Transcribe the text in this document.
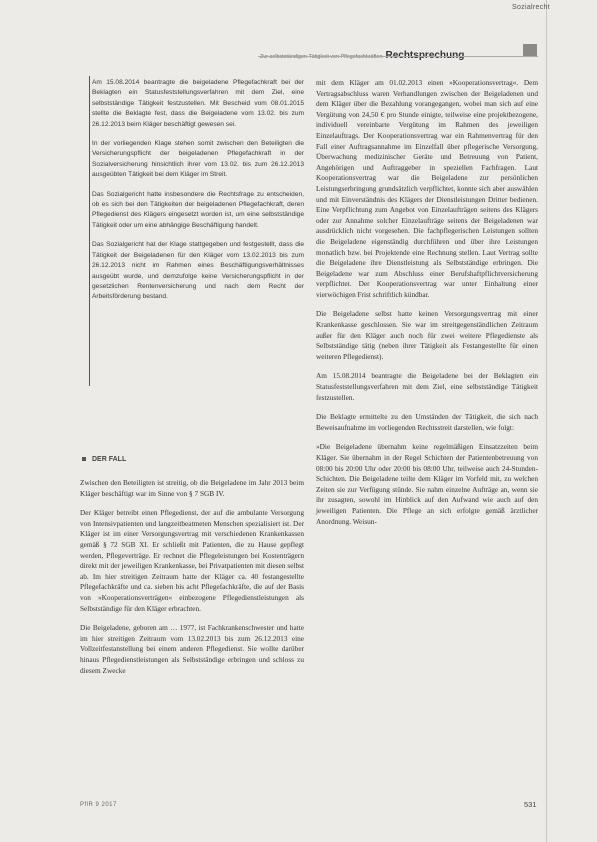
Sozialrecht
Zur selbstständigen Tätigkeit von Pflegefachkräften Rechtsprechung

Am 15.08.2014 beantragte die beigeladene Pflegefachkraft bei der Beklagten ein Statusfeststellungsverfahren mit dem Ziel, eine selbstständige Tätigkeit festzustellen. Mit Bescheid vom 08.01.2015 stellte die Beklagte fest, dass die Beigeladene vom 13.02. bis zum 26.12.2013 beim Kläger beschäftigt gewesen sei.

In der vorliegenden Klage stehen somit zwischen den Beteiligten die Versicherungspflicht der beigeladenen Pflegefachkraft in der Sozialversicherung hinsichtlich ihrer vom 13.02. bis zum 26.12.2013 ausgeübten Tätigkeit bei dem Kläger im Streit.

Das Sozialgericht hatte insbesondere die Rechtsfrage zu entscheiden, ob es sich bei den Tätigkeiten der beigeladenen Pflegefachkraft, deren Pflegedienst des Klägers eingesetzt worden ist, um eine selbstständige Tätigkeit oder um eine abhängige Beschäftigung handelt.

Das Sozialgericht hat der Klage stattgegeben und festgestellt, dass die Tätigkeit der Beigeladenen für den Kläger vom 13.02.2013 bis zum 26.12.2013 nicht im Rahmen eines Beschäftigungsverhältnisses ausgeübt wurde, und demzufolge keine Versicherungspflicht in der gesetzlichen Rentenversicherung und nach dem Recht der Arbeitsförderung bestand.

DER FALL

Zwischen den Beteiligten ist streitig, ob die Beigeladene im Jahr 2013 beim Kläger beschäftigt war im Sinne von § 7 SGB IV.

Der Kläger betreibt einen Pflegedienst, der auf die ambulante Versorgung von Intensivpatienten und langzeitbeatmeten Menschen spezialisiert ist. Der Kläger ist im einer Versorgungsvertrag mit verschiedenen Krankenkassen gemäß § 72 SGB XI. Er schließt mit Patienten, die zu Hause gepflegt werden, Pflegeverträge. Er rechnet die Pflegeleistungen bei Kostenträgern direkt mit der jeweiligen Krankenkasse, bei Privatpatienten mit diesen selbst ab. Im hier streitigen Zeitraum hatte der Kläger ca. 40 festangestellte Pflegefachkräfte und ca. sieben bis acht Pflegefachkräfte, die auf der Basis von »Kooperationsverträgen« einbezogene Pflegedienstleistungen als Selbstständige für den Kläger erbrachten.

Die Beigeladene, geboren am … 1977, ist Fachkrankenschwester und hatte im hier streitigen Zeitraum vom 13.02.2013 bis zum 26.12.2013 eine Vollzeitfestanstellung bei einem anderen Pflegedienst. Sie wollte darüber hinaus Pflegedienstleistungen als Selbstständige erbringen und schloss zu diesem Zwecke

mit dem Kläger am 01.02.2013 einen »Kooperationsvertrag«. Dem Vertragsabschluss waren Verhandlungen zwischen der Beigeladenen und dem Kläger über die Bezahlung vorangegangen, wobei man sich auf eine Vergütung von 24,50 € pro Stunde einigte, teilweise eine projektbezogene, individuell vereinbarte Vergütung im Rahmen des jeweiligen Einzelauftrags. Der Kooperationsvertrag war ein Rahmenvertrag für den Fall einer Auftragsannahme im Einzelfall über pflegerische Versorgung, Überwachung medizinischer Geräte und Betreuung von Patient, Angehörigen und Auftraggeber in speziellen Fachfragen. Laut Kooperationsvertrag war die Beigeladene zur persönlichen Leistungserbringung grundsätzlich verpflichtet, konnte sich aber auswählen und mit Einverständnis des Klägers der Dienstleistungen Dritter bedienen. Eine Verpflichtung zum Angebot von Einzelaufträgen seitens des Klägers oder zur Annahme solcher Einzelaufträge seitens der Beigeladenen war ausdrücklich nicht vorgesehen. Die fachpflegerischen Leistungen sollten die Beigeladene eigenständig durchführen und über ihre Leistungen monatlich bzw. bei Projektende eine Rechnung stellen. Laut Vertrag sollte die Beigeladene ihre Dienstleistung als Selbstständige erbringen. Die Beigeladene war zum Abschluss einer Berufshaftpflichtversicherung verpflichtet. Der Kooperationsvertrag war unter Einhaltung einer vierwöchigen Frist schriftlich kündbar.

Die Beigeladene selbst hatte keinen Versorgungsvertrag mit einer Krankenkasse geschlossen. Sie war im streitgegenständlichen Zeitraum außer für den Kläger auch noch für zwei weitere Pflegedienste als Selbstständige tätig (neben ihrer Tätigkeit als Festangestellte für einen weiteren Pflegedienst).

Am 15.08.2014 beantragte die Beigeladene bei der Beklagten ein Statusfeststellungsverfahren mit dem Ziel, eine selbstständige Tätigkeit festzustellen.

Die Beklagte ermittelte zu den Umständen der Tätigkeit, die sich nach Beweisaufnahme im vorliegenden Rechtsstreit darstellen, wie folgt:

»Die Beigeladene übernahm keine regelmäßigen Einsatzzeiten beim Kläger. Sie übernahm in der Regel Schichten der Patientenbetreuung von 08:00 bis 20:00 Uhr oder 20:00 bis 08:00 Uhr, teilweise auch 24-Stunden-Schichten. Die Beigeladene teilte dem Kläger im Vorfeld mit, zu welchen Zeiten sie zur Verfügung stünde. Sie nahm einzelne Aufträge an, wenn sie ihr zusagten, sowohl im Hinblick auf den Aufwand wie auch auf den jeweiligen Patienten. Die Pflege an sich erfolgte gemäß ärztlicher Anordnung. Weisun-

PflR 9 2017	531
